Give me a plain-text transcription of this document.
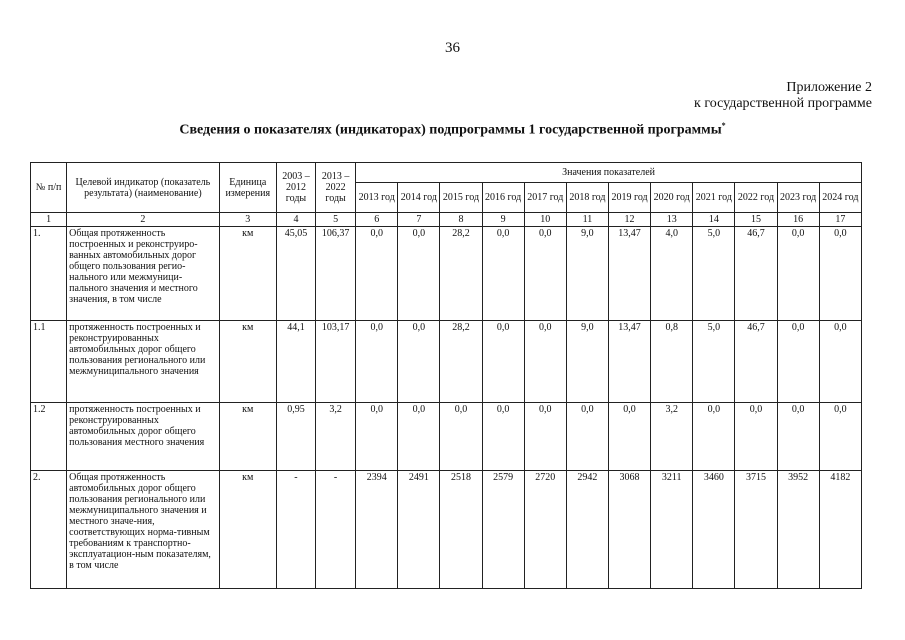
36
Приложение 2
к государственной программе
Сведения о показателях (индикаторах) подпрограммы 1 государственной программы*
№ п/п	Целевой индикатор (показатель результата) (наименование)	Единица измерения	2003 – 2012 годы	2013 – 2022 годы	Значения показателей											
					2013 год	2014 год	2015 год	2016 год	2017 год	2018 год	2019 год	2020 год	2021 год	2022 год	2023 год	2024 год
1	2	3	4	5	6	7	8	9	10	11	12	13	14	15	16	17
1.	Общая протяженность построенных и реконструиро-ванных автомобильных дорог общего пользования регио-нального или межмуници-пального значения и местного значения, в том числе	км	45,05	106,37	0,0	0,0	28,2	0,0	0,0	9,0	13,47	4,0	5,0	46,7	0,0	0,0
1.1	протяженность построенных и реконструированных автомобильных дорог общего пользования регионального или межмуниципального значения	км	44,1	103,17	0,0	0,0	28,2	0,0	0,0	9,0	13,47	0,8	5,0	46,7	0,0	0,0
1.2	протяженность построенных и реконструированных автомобильных дорог общего пользования местного значения	км	0,95	3,2	0,0	0,0	0,0	0,0	0,0	0,0	0,0	3,2	0,0	0,0	0,0	0,0
2.	Общая протяженность автомобильных дорог общего пользования регионального или межмуниципального значения и местного значе-ния, соответствующих норма-тивным требованиям к транспортно-эксплуатацион-ным показателям, в том числе	км	-	-	2394	2491	2518	2579	2720	2942	3068	3211	3460	3715	3952	4182
